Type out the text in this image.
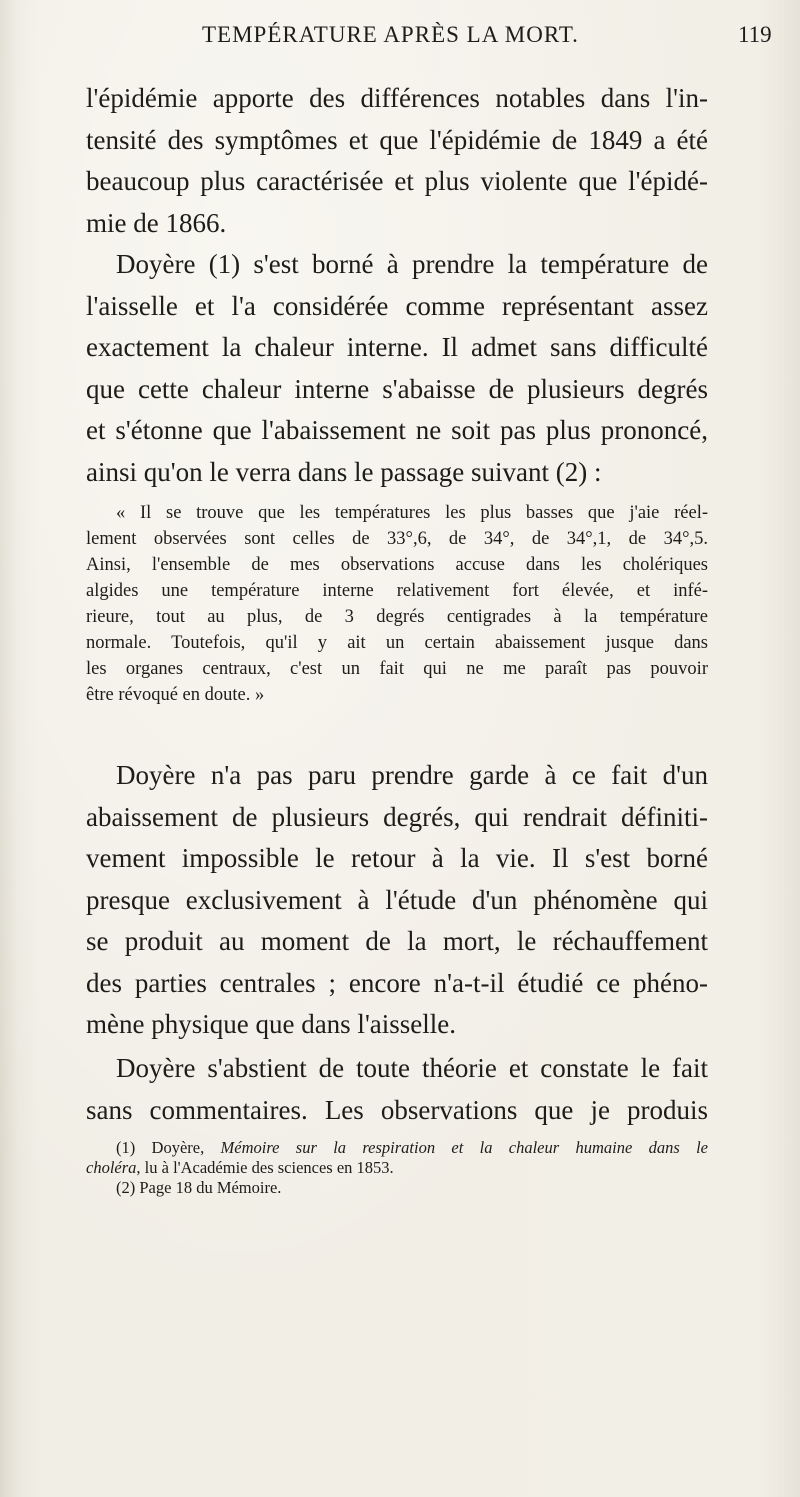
TEMPÉRATURE APRÈS LA MORT.	119
l'épidémie apporte des différences notables dans l'in-
tensité des symptômes et que l'épidémie de 1849 a été
beaucoup plus caractérisée et plus violente que l'épidé-
mie de 1866.
Doyère (1) s'est borné à prendre la température de
l'aisselle et l'a considérée comme représentant assez
exactement la chaleur interne. Il admet sans difficulté
que cette chaleur interne s'abaisse de plusieurs degrés
et s'étonne que l'abaissement ne soit pas plus prononcé,
ainsi qu'on le verra dans le passage suivant (2) :
« Il se trouve que les températures les plus basses que j'aie réel-
lement observées sont celles de 33°,6, de 34°, de 34°,1, de 34°,5.
Ainsi, l'ensemble de mes observations accuse dans les cholériques
algides une température interne relativement fort élevée, et infé-
rieure, tout au plus, de 3 degrés centigrades à la température
normale. Toutefois, qu'il y ait un certain abaissement jusque dans
les organes centraux, c'est un fait qui ne me paraît pas pouvoir
être révoqué en doute. »
Doyère n'a pas paru prendre garde à ce fait d'un
abaissement de plusieurs degrés, qui rendrait définiti-
vement impossible le retour à la vie. Il s'est borné
presque exclusivement à l'étude d'un phénomène qui
se produit au moment de la mort, le réchauffement
des parties centrales ; encore n'a-t-il étudié ce phéno-
mène physique que dans l'aisselle.
Doyère s'abstient de toute théorie et constate le fait
sans commentaires. Les observations que je produis
(1) Doyère, Mémoire sur la respiration et la chaleur humaine dans le
choléra, lu à l'Académie des sciences en 1853.
(2) Page 18 du Mémoire.
